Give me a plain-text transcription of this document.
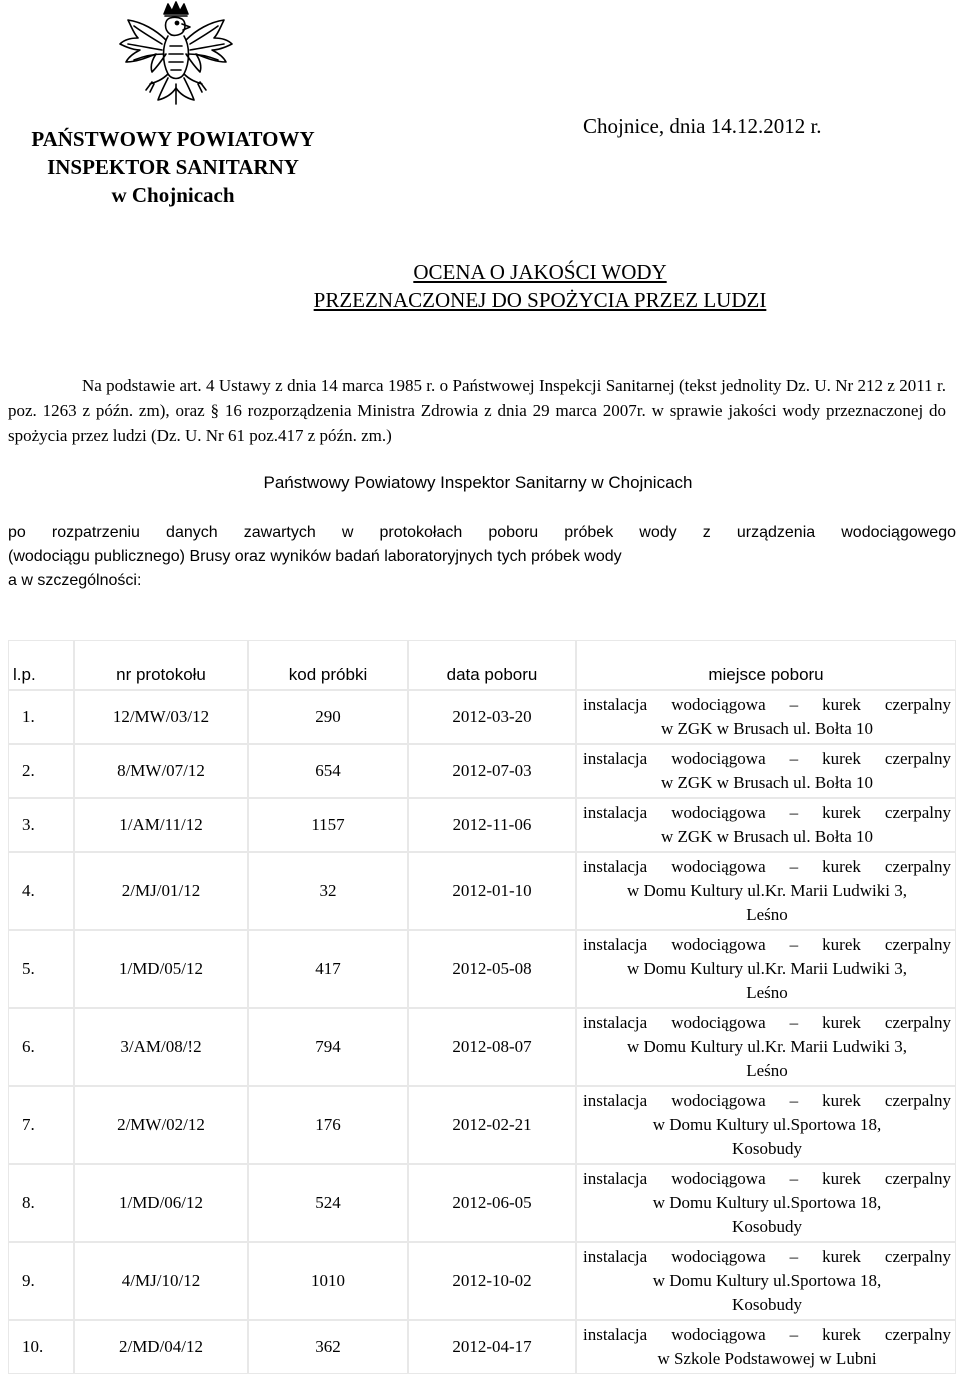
PAŃSTWOWY POWIATOWY
INSPEKTOR SANITARNY
w Chojnicach
Chojnice, dnia 14.12.2012 r.
OCENA O JAKOŚCI WODY
PRZEZNACZONEJ DO SPOŻYCIA PRZEZ LUDZI
Na podstawie art. 4 Ustawy z dnia 14 marca 1985 r. o Państwowej Inspekcji Sanitarnej (tekst jednolity Dz. U. Nr 212 z 2011 r. poz. 1263 z późn. zm), oraz § 16 rozporządzenia Ministra Zdrowia z dnia 29 marca 2007r. w sprawie jakości wody przeznaczonej do spożycia przez ludzi (Dz. U. Nr 61 poz.417 z późn. zm.)
Państwowy Powiatowy Inspektor Sanitarny w Chojnicach
po rozpatrzeniu danych zawartych w protokołach poboru próbek wody z urządzenia wodociągowego
(wodociągu publicznego) Brusy oraz wyników badań laboratoryjnych tych próbek wody
a w szczególności:
l.p.	nr protokołu	kod próbki	data poboru	miejsce poboru
1.	12/MW/03/12	290	2012-03-20	instalacja wodociągowa – kurek czerpalny
w ZGK w Brusach ul. Bołta 10

2.	8/MW/07/12	654	2012-07-03	instalacja wodociągowa – kurek czerpalny
w ZGK w Brusach ul. Bołta 10

3.	1/AM/11/12	1157	2012-11-06	instalacja wodociągowa – kurek czerpalny
w ZGK w Brusach ul. Bołta 10

4.	2/MJ/01/12	32	2012-01-10	instalacja wodociągowa – kurek czerpalny
w Domu Kultury ul.Kr. Marii Ludwiki 3,
Leśno

5.	1/MD/05/12	417	2012-05-08	instalacja wodociągowa – kurek czerpalny
w Domu Kultury ul.Kr. Marii Ludwiki 3,
Leśno

6.	3/AM/08/!2	794	2012-08-07	instalacja wodociągowa – kurek czerpalny
w Domu Kultury ul.Kr. Marii Ludwiki 3,
Leśno

7.	2/MW/02/12	176	2012-02-21	instalacja wodociągowa – kurek czerpalny
w Domu Kultury ul.Sportowa 18,
Kosobudy

8.	1/MD/06/12	524	2012-06-05	instalacja wodociągowa – kurek czerpalny
w Domu Kultury ul.Sportowa 18,
Kosobudy

9.	4/MJ/10/12	1010	2012-10-02	instalacja wodociągowa – kurek czerpalny
w Domu Kultury ul.Sportowa 18,
Kosobudy

10.	2/MD/04/12	362	2012-04-17	instalacja wodociągowa – kurek czerpalny
w Szkole Podstawowej w Lubni
